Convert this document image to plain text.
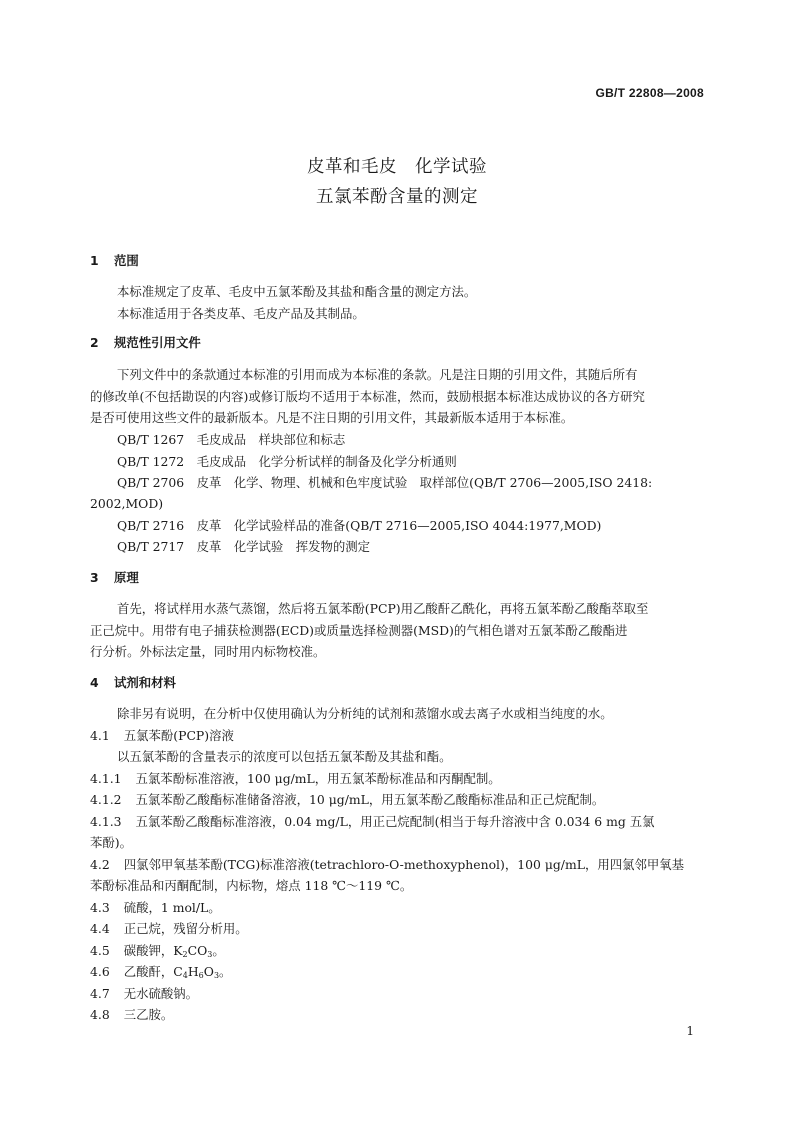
GB/T 22808—2008
皮革和毛皮　化学试验
五氯苯酚含量的测定
1 范围
本标准规定了皮革、毛皮中五氯苯酚及其盐和酯含量的测定方法。
本标准适用于各类皮革、毛皮产品及其制品。
2 规范性引用文件
下列文件中的条款通过本标准的引用而成为本标准的条款。凡是注日期的引用文件，其随后所有
的修改单(不包括勘误的内容)或修订版均不适用于本标准，然而，鼓励根据本标准达成协议的各方研究
是否可使用这些文件的最新版本。凡是不注日期的引用文件，其最新版本适用于本标准。
QB/T 1267　毛皮成品　样块部位和标志
QB/T 1272　毛皮成品　化学分析试样的制备及化学分析通则
QB/T 2706　皮革　化学、物理、机械和色牢度试验　取样部位(QB/T 2706—2005,ISO 2418:
2002,MOD)
QB/T 2716　皮革　化学试验样品的准备(QB/T 2716—2005,ISO 4044:1977,MOD)
QB/T 2717　皮革　化学试验　挥发物的测定
3 原理
首先，将试样用水蒸气蒸馏，然后将五氯苯酚(PCP)用乙酸酐乙酰化，再将五氯苯酚乙酸酯萃取至
正己烷中。用带有电子捕获检测器(ECD)或质量选择检测器(MSD)的气相色谱对五氯苯酚乙酸酯进
行分析。外标法定量，同时用内标物校准。
4 试剂和材料
除非另有说明，在分析中仅使用确认为分析纯的试剂和蒸馏水或去离子水或相当纯度的水。
4.1 五氯苯酚(PCP)溶液
以五氯苯酚的含量表示的浓度可以包括五氯苯酚及其盐和酯。
4.1.1 五氯苯酚标准溶液，100 μg/mL，用五氯苯酚标准品和丙酮配制。
4.1.2 五氯苯酚乙酸酯标准储备溶液，10 μg/mL，用五氯苯酚乙酸酯标准品和正己烷配制。
4.1.3 五氯苯酚乙酸酯标准溶液，0.04 mg/L，用正己烷配制(相当于每升溶液中含 0.034 6 mg 五氯
苯酚)。
4.2 四氯邻甲氧基苯酚(TCG)标准溶液(tetrachloro-O-methoxyphenol)，100 μg/mL，用四氯邻甲氧基
苯酚标准品和丙酮配制，内标物，熔点 118 ℃～119 ℃。
4.3 硫酸，1 mol/L。
4.4 正己烷，残留分析用。
4.5 碳酸钾，$K_2CO_3$。
4.6 乙酸酐，$C_4H_6O_3$。
4.7 无水硫酸钠。
4.8 三乙胺。
1
